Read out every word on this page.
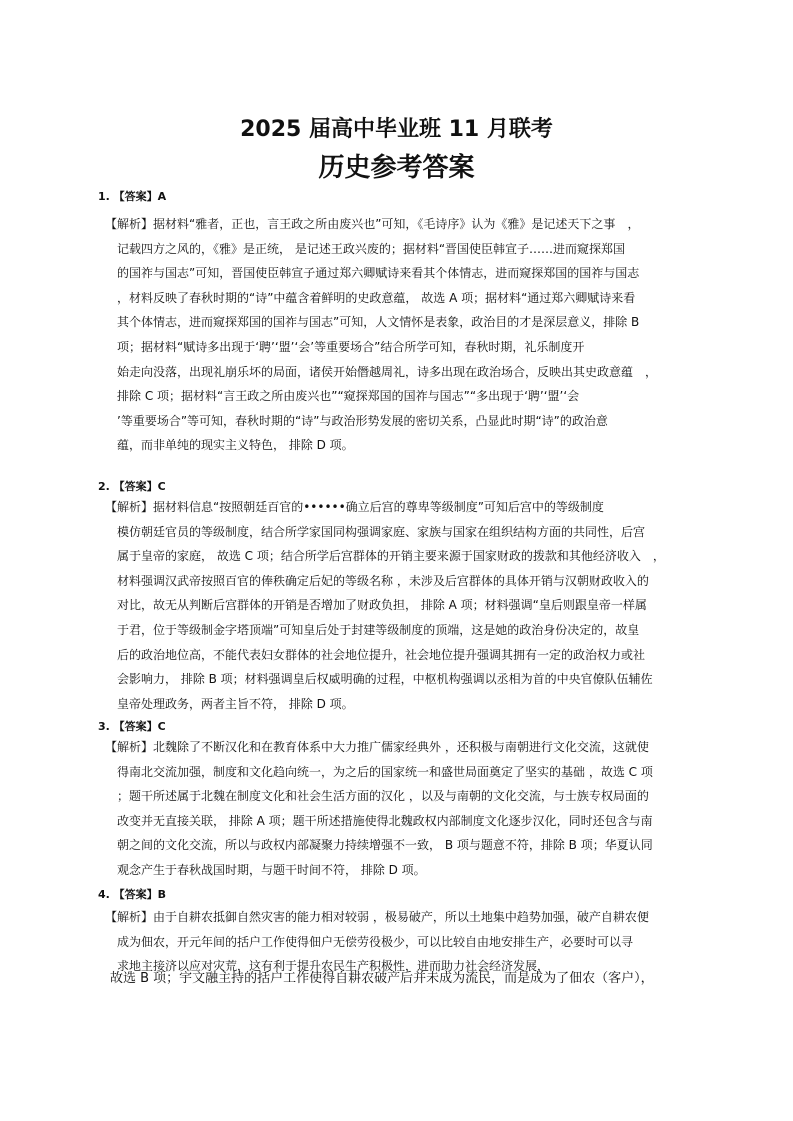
2025 届高中毕业班 11 月联考
历史参考答案
1. 【答案】A
【解析】据材料“雅者，正也，言王政之所由废兴也”可知，《毛诗序》认为《雅》是记述天下之事　，
记载四方之风的，《雅》是正统， 是记述王政兴废的；据材料“晋国使臣韩宣子……进而窥探郑国
的国祚与国志”可知，晋国使臣韩宣子通过郑六卿赋诗来看其个体情志，进而窥探郑国的国祚与国志
，材料反映了春秋时期的“诗”中蕴含着鲜明的史政意蕴， 故选 A 项；据材料“通过郑六卿赋诗来看
其个体情志，进而窥探郑国的国祚与国志”可知，人文情怀是表象，政治目的才是深层意义，排除 B
项；据材料“赋诗多出现于‘聘’‘盟’‘会’等重要场合”结合所学可知，春秋时期，礼乐制度开
始走向没落，出现礼崩乐坏的局面，诸侯开始僭越周礼，诗多出现在政治场合，反映出其史政意蕴　，
排除 C 项；据材料“言王政之所由废兴也”“窥探郑国的国祚与国志”“多出现于‘聘’‘盟’‘会
’等重要场合”等可知，春秋时期的“诗”与政治形势发展的密切关系，凸显此时期“诗”的政治意
蕴，而非单纯的现实主义特色， 排除 D 项。
2. 【答案】C
【解析】据材料信息“按照朝廷百官的••••••确立后宫的尊卑等级制度”可知后宫中的等级制度
模仿朝廷官员的等级制度，结合所学家国同构强调家庭、家族与国家在组织结构方面的共同性，后宫
属于皇帝的家庭， 故选 C 项；结合所学后宫群体的开销主要来源于国家财政的拨款和其他经济收入　，
材料强调汉武帝按照百官的俸秩确定后妃的等级名称 ，未涉及后宫群体的具体开销与汉朝财政收入的
对比，故无从判断后宫群体的开销是否增加了财政负担， 排除 A 项；材料强调“皇后则跟皇帝一样属
于君，位于等级制金字塔顶端”可知皇后处于封建等级制度的顶端，这是她的政治身份决定的，故皇
后的政治地位高，不能代表妇女群体的社会地位提升，社会地位提升强调其拥有一定的政治权力或社
会影响力， 排除 B 项；材料强调皇后权威明确的过程，中枢机构强调以丞相为首的中央官僚队伍辅佐
皇帝处理政务，两者主旨不符， 排除 D 项。
3. 【答案】C
【解析】北魏除了不断汉化和在教育体系中大力推广儒家经典外 ，还积极与南朝进行文化交流，这就使
得南北交流加强，制度和文化趋向统一，为之后的国家统一和盛世局面奠定了坚实的基础 ，故选 C 项
；题干所述属于北魏在制度文化和社会生活方面的汉化 ，以及与南朝的文化交流，与士族专权局面的
改变并无直接关联， 排除 A 项；题干所述措施使得北魏政权内部制度文化逐步汉化，同时还包含与南
朝之间的文化交流，所以与政权内部凝聚力持续增强不一致， B 项与题意不符，排除 B 项；华夏认同
观念产生于春秋战国时期，与题干时间不符， 排除 D 项。
4. 【答案】B
【解析】由于自耕农抵御自然灾害的能力相对较弱 ，极易破产，所以土地集中趋势加强，破产自耕农便
成为佃农，开元年间的括户工作使得佃户无偿劳役极少，可以比较自由地安排生产，必要时可以寻
求地主接济以应对灾荒，这有利于提升农民生产积极性，进而助力社会经济发展，
故选 B 项；宇文融主持的括户工作使得自耕农破产后并未成为流民，而是成为了佃农（客户），
